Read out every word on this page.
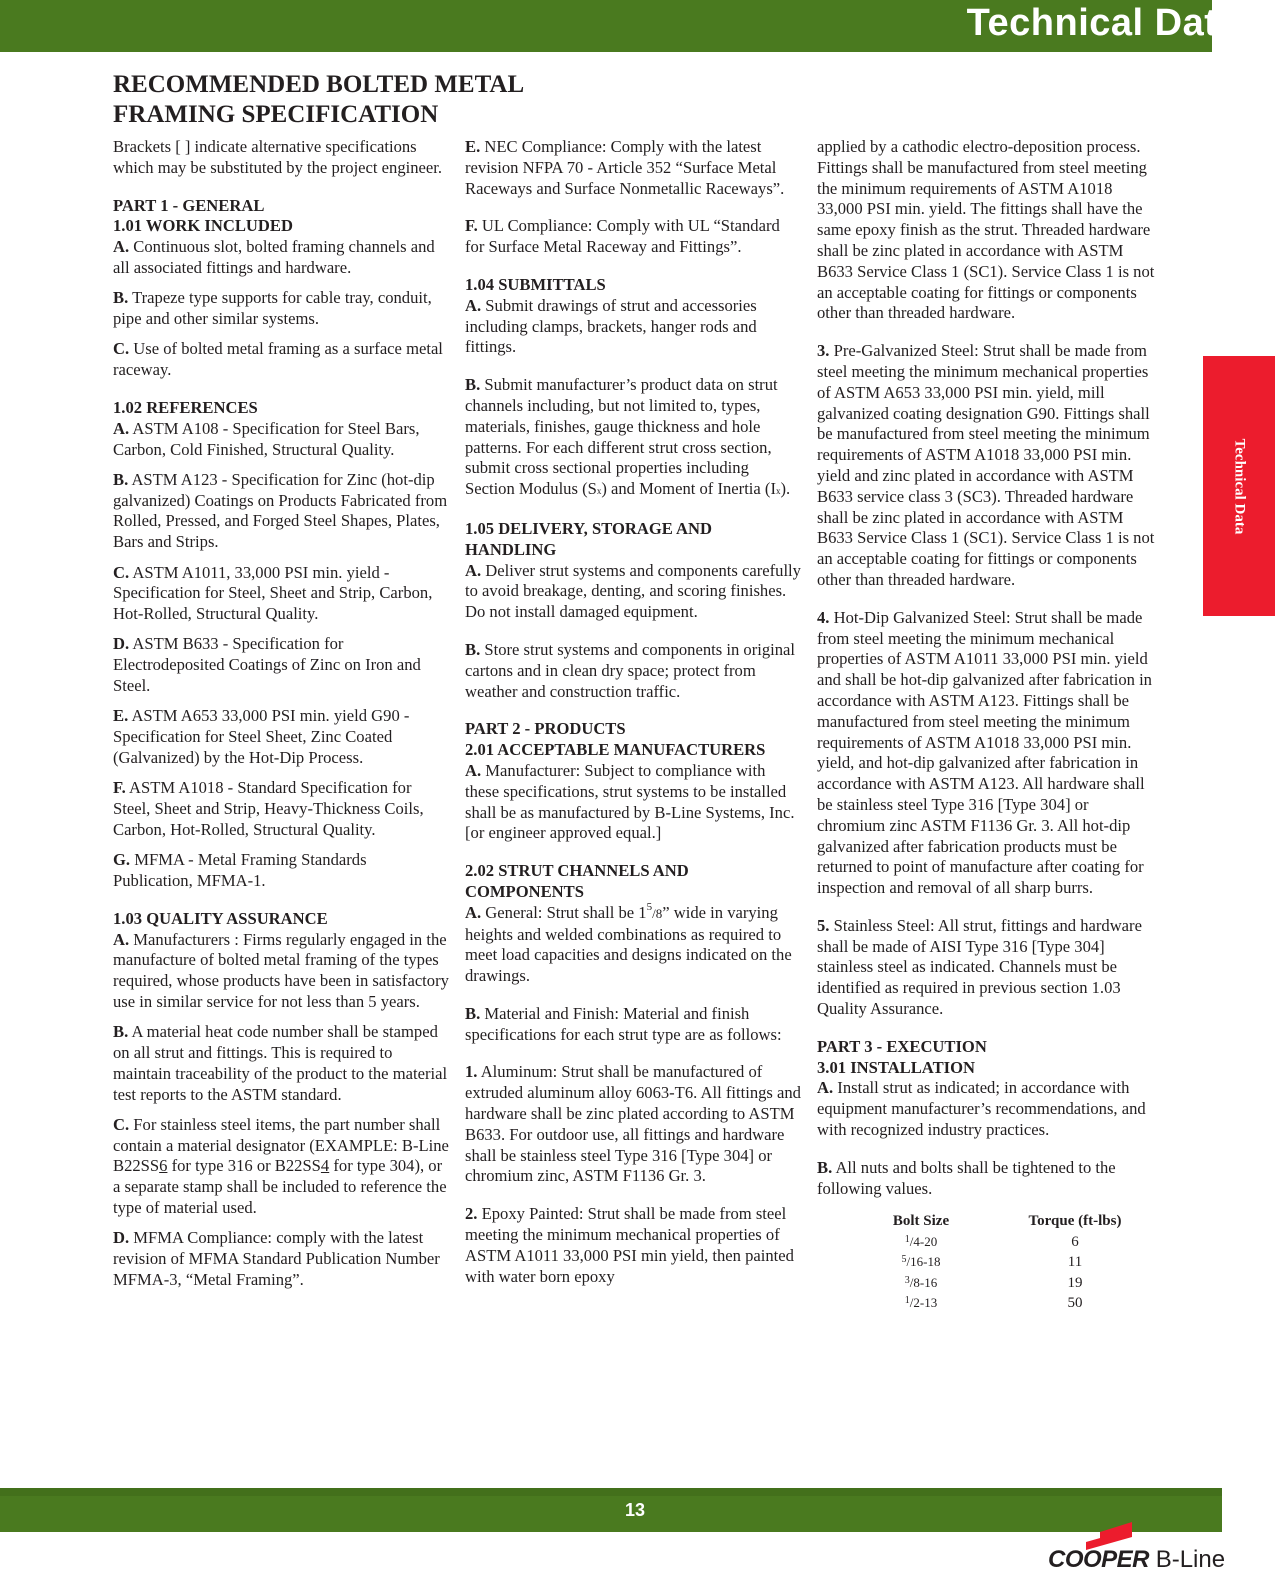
Technical Data
RECOMMENDED BOLTED METAL
FRAMING SPECIFICATION
Brackets [ ] indicate alternative specifications which may be substituted by the project engineer.
PART 1 - GENERAL
1.01 WORK INCLUDED
A. Continuous slot, bolted framing channels and all associated fittings and hardware.
B. Trapeze type supports for cable tray, conduit, pipe and other similar systems.
C. Use of bolted metal framing as a surface metal raceway.
1.02 REFERENCES
A. ASTM A108 - Specification for Steel Bars, Carbon, Cold Finished, Structural Quality.
B. ASTM A123 - Specification for Zinc (hot-dip galvanized) Coatings on Products Fabricated from Rolled, Pressed, and Forged Steel Shapes, Plates, Bars and Strips.
C. ASTM A1011, 33,000 PSI min. yield - Specification for Steel, Sheet and Strip, Carbon, Hot-Rolled, Structural Quality.
D. ASTM B633 - Specification for Electrodeposited Coatings of Zinc on Iron and Steel.
E. ASTM A653 33,000 PSI min. yield G90 - Specification for Steel Sheet, Zinc Coated (Galvanized) by the Hot-Dip Process.
F. ASTM A1018 - Standard Specification for Steel, Sheet and Strip, Heavy-Thickness Coils, Carbon, Hot-Rolled, Structural Quality.
G. MFMA - Metal Framing Standards Publication, MFMA-1.
1.03 QUALITY ASSURANCE
A. Manufacturers : Firms regularly engaged in the manufacture of bolted metal framing of the types required, whose products have been in satisfactory use in similar service for not less than 5 years.
B. A material heat code number shall be stamped on all strut and fittings. This is required to maintain traceability of the product to the material test reports to the ASTM standard.
C. For stainless steel items, the part number shall contain a material designator (EXAMPLE: B-Line B22SS6 for type 316 or B22SS4 for type 304), or a separate stamp shall be included to reference the type of material used.
D. MFMA Compliance: comply with the latest revision of MFMA Standard Publication Number MFMA-3, “Metal Framing”.
E. NEC Compliance: Comply with the latest revision NFPA 70 - Article 352 “Surface Metal Raceways and Surface Nonmetallic Raceways”.
F. UL Compliance: Comply with UL “Standard for Surface Metal Raceway and Fittings”.
1.04 SUBMITTALS
A. Submit drawings of strut and accessories including clamps, brackets, hanger rods and fittings.
B. Submit manufacturer’s product data on strut channels including, but not limited to, types, materials, finishes, gauge thickness and hole patterns. For each different strut cross section, submit cross sectional properties including Section Modulus (Sx) and Moment of Inertia (Ix).
1.05 DELIVERY, STORAGE AND HANDLING
A. Deliver strut systems and components carefully to avoid breakage, denting, and scoring finishes. Do not install damaged equipment.
B. Store strut systems and components in original cartons and in clean dry space; protect from weather and construction traffic.
PART 2 - PRODUCTS
2.01 ACCEPTABLE MANUFACTURERS
A. Manufacturer: Subject to compliance with these specifications, strut systems to be installed shall be as manufactured by B-Line Systems, Inc. [or engineer approved equal.]
2.02 STRUT CHANNELS AND COMPONENTS
A. General: Strut shall be $1^5/8$” wide in varying heights and welded combinations as required to meet load capacities and designs indicated on the drawings.
B. Material and Finish: Material and finish specifications for each strut type are as follows:
1. Aluminum: Strut shall be manufactured of extruded aluminum alloy 6063-T6. All fittings and hardware shall be zinc plated according to ASTM B633. For outdoor use, all fittings and hardware shall be stainless steel Type 316 [Type 304] or chromium zinc, ASTM F1136 Gr. 3.
2. Epoxy Painted: Strut shall be made from steel meeting the minimum mechanical properties of ASTM A1011 33,000 PSI min yield, then painted with water born epoxy
applied by a cathodic electro-deposition process. Fittings shall be manufactured from steel meeting the minimum requirements of ASTM A1018 33,000 PSI min. yield. The fittings shall have the same epoxy finish as the strut. Threaded hardware shall be zinc plated in accordance with ASTM B633 Service Class 1 (SC1). Service Class 1 is not an acceptable coating for fittings or components other than threaded hardware.
3. Pre-Galvanized Steel: Strut shall be made from steel meeting the minimum mechanical properties of ASTM A653 33,000 PSI min. yield, mill galvanized coating designation G90. Fittings shall be manufactured from steel meeting the minimum requirements of ASTM A1018 33,000 PSI min. yield and zinc plated in accordance with ASTM B633 service class 3 (SC3). Threaded hardware shall be zinc plated in accordance with ASTM B633 Service Class 1 (SC1). Service Class 1 is not an acceptable coating for fittings or components other than threaded hardware.
4. Hot-Dip Galvanized Steel: Strut shall be made from steel meeting the minimum mechanical properties of ASTM A1011 33,000 PSI min. yield and shall be hot-dip galvanized after fabrication in accordance with ASTM A123. Fittings shall be manufactured from steel meeting the minimum requirements of ASTM A1018 33,000 PSI min. yield, and hot-dip galvanized after fabrication in accordance with ASTM A123. All hardware shall be stainless steel Type 316 [Type 304] or chromium zinc ASTM F1136 Gr. 3. All hot-dip galvanized after fabrication products must be returned to point of manufacture after coating for inspection and removal of all sharp burrs.
5. Stainless Steel: All strut, fittings and hardware shall be made of AISI Type 316 [Type 304] stainless steel as indicated. Channels must be identified as required in previous section 1.03 Quality Assurance.
PART 3 - EXECUTION
3.01 INSTALLATION
A. Install strut as indicated; in accordance with equipment manufacturer’s recommendations, and with recognized industry practices.
B. All nuts and bolts shall be tightened to the following values.
Bolt Size	Torque (ft-lbs)
$^1$/4-20	6
$^5$/16-18	11
$^3$/8-16	19
$^1$/2-13	50
Technical Data
13
COOPER B-Line
